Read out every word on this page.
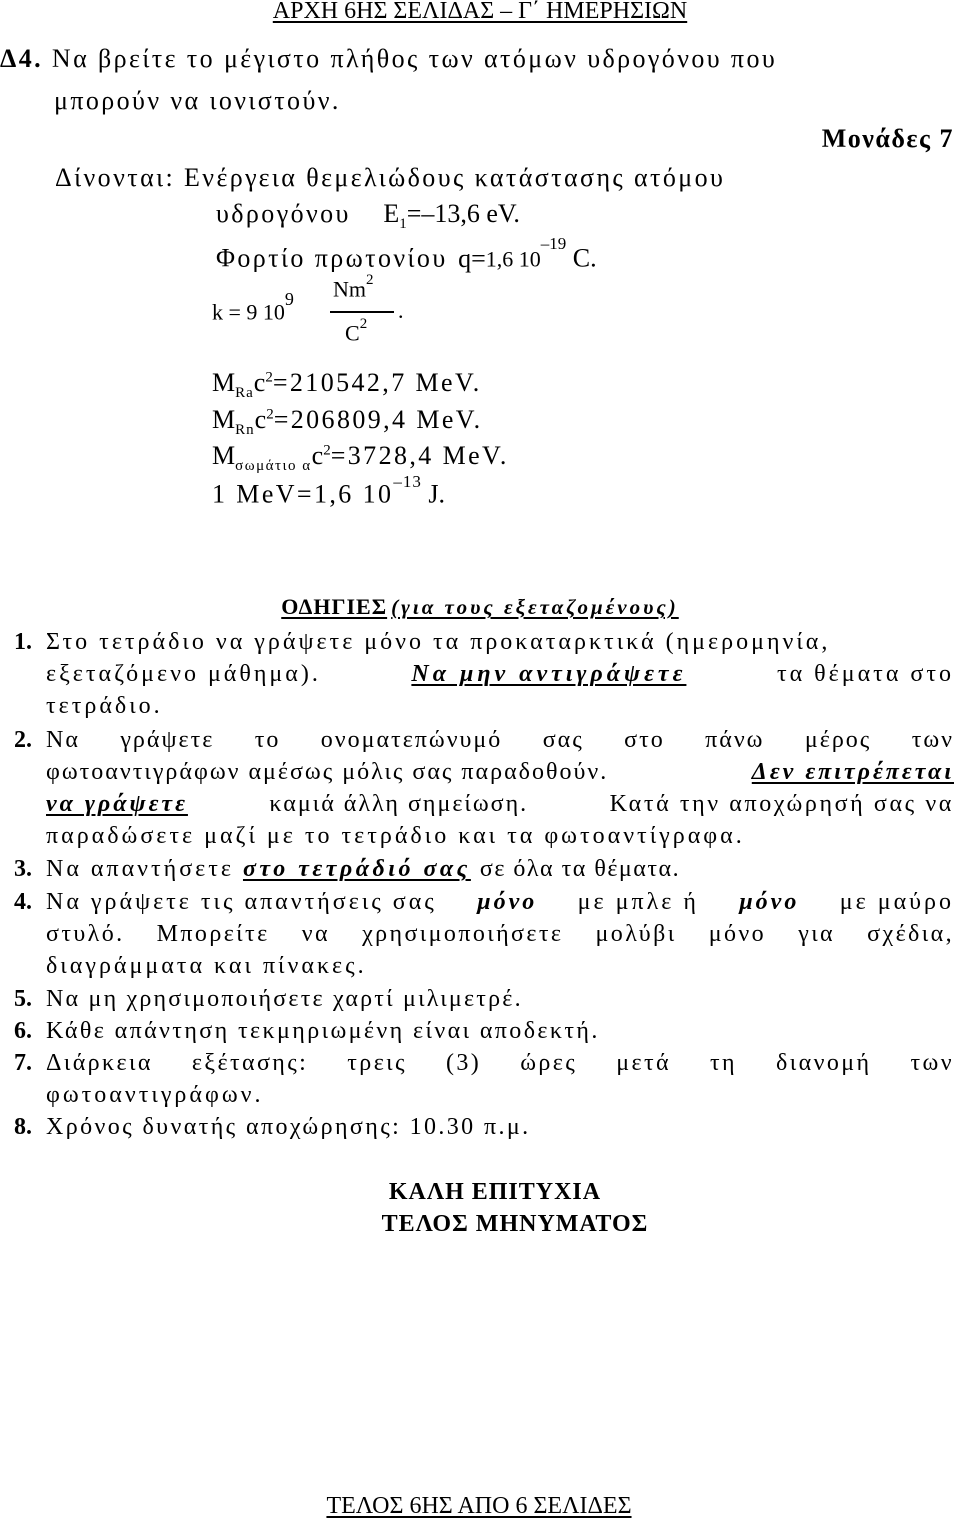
ΑΡΧΗ 6ΗΣ ΣΕΛΙΔΑΣ – Γ΄ ΗΜΕΡΗΣΙΩΝ
Δ4. Να βρείτε το μέγιστο πλήθος των ατόμων υδρογόνου που
μπορούν να ιονιστούν.
Μονάδες 7
Δίνονται: Ενέργεια θεμελιώδους κατάστασης ατόμου
υδρογόνου $E_1=-13,6$ eV.
Φορτίο πρωτονίου q=1,6 $10^{-19}$ C.
k = 9 $10^9$ Nm$^2$
$C^2$
.
$M_{Ra}c^2=210542,7$ MeV.
$M_{Rn}c^2=206809,4$ MeV.
$M_{\sigma\omega\mu ά\tau\iota o \alpha}c^2=3728,4$ MeV.
1 MeV=1,6 $10^{-13}$ J.
ΟΔΗΓΙΕΣ (για τους εξεταζομένους)
1. Στο τετράδιο να γράψετε μόνο τα προκαταρκτικά (ημερομηνία,
εξεταζόμενο μάθημα).	Να μην αντιγράψετε	τα θέματα στο
τετράδιο.
2. Να γράψετε το ονοματεπώνυμό σας στο πάνω μέρος των
φωτοαντιγράφων αμέσως μόλις σας παραδοθούν.	Δεν επιτρέπεται
να γράψετε	καμιά άλλη σημείωση.	Κατά την αποχώρησή σας να
παραδώσετε μαζί με το τετράδιο και τα φωτοαντίγραφα.
3. Να απαντήσετε στο τετράδιό σας σε όλα τα θέματα.
4. Να γράψετε τις απαντήσεις σας μόνο με μπλε ή μόνο με μαύρο
στυλό. Μπορείτε να χρησιμοποιήσετε μολύβι μόνο για σχέδια,
διαγράμματα και πίνακες.
5. Να μη χρησιμοποιήσετε χαρτί μιλιμετρέ.
6. Κάθε απάντηση τεκμηριωμένη είναι αποδεκτή.
7. Διάρκεια εξέτασης: τρεις (3) ώρες μετά τη διανομή των
φωτοαντιγράφων.
8. Χρόνος δυνατής αποχώρησης: 10.30 π.μ.
ΚΑΛΗ ΕΠΙΤΥΧΙΑ
ΤΕΛΟΣ ΜΗΝΥΜΑΤΟΣ
ΤΕΛΟΣ 6ΗΣ ΑΠΟ 6 ΣΕΛΙΔΕΣ
